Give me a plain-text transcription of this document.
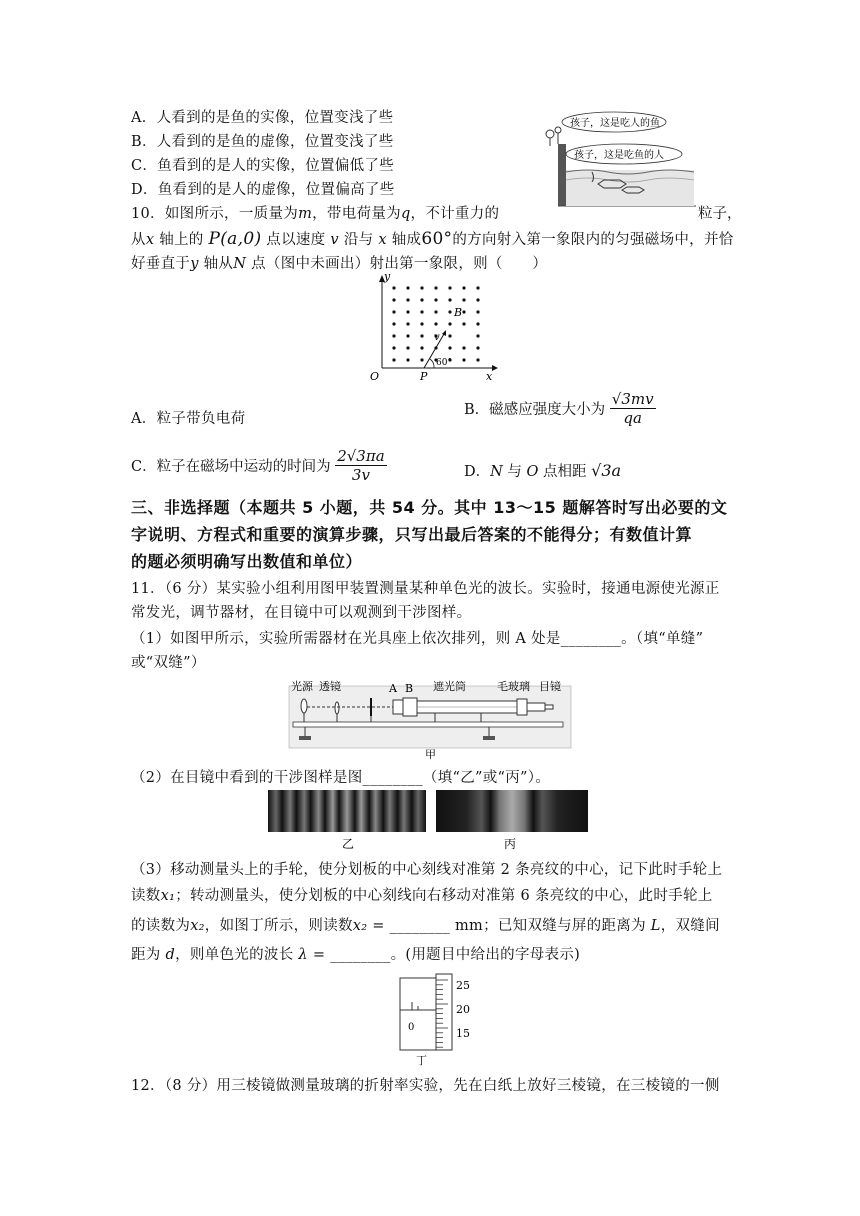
A．人看到的是鱼的实像，位置变浅了些
B．人看到的是鱼的虚像，位置变浅了些
C．鱼看到的是人的实像，位置偏低了些
D．鱼看到的是人的虚像，位置偏高了些
孩子，这是吃人的鱼
孩子，这是吃鱼的人
10．如图所示，一质量为m，带电荷量为q，不计重力的	粒子，
从x 轴上的 P(a,0) 点以速度 v 沿与 x 轴成60°的方向射入第一象限内的匀强磁场中，并恰
好垂直于y 轴从N 点（图中未画出）射出第一象限，则（　　）
y
x
O	P
B
v
60°
A．粒子带负电荷
B．磁感应强度大小为 $\frac{√3mv}{qa}$
C．粒子在磁场中运动的时间为 $\frac{2√3\pi a}{3v}$	D．N 与 O 点相距 √3a
三、非选择题（本题共 5 小题，共 54 分。其中 13～15 题解答时写出必要的文
字说明、方程式和重要的演算步骤，只写出最后答案的不能得分；有数值计算
的题必须明确写出数值和单位）
11．（6 分）某实验小组利用图甲装置测量某种单色光的波长。实验时，接通电源使光源正
常发光，调节器材，在目镜中可以观测到干涉图样。
（1）如图甲所示，实验所需器材在光具座上依次排列，则 A 处是________。（填“单缝”
或“双缝”）
光源 透镜	A B 遮光筒	毛玻璃 目镜
甲
（2）在目镜中看到的干涉图样是图________（填“乙”或“丙”）。
乙	丙
（3）移动测量头上的手轮，使分划板的中心刻线对准第 2 条亮纹的中心，记下此时手轮上
读数x₁；转动测量头，使分划板的中心刻线向右移动对准第 6 条亮纹的中心，此时手轮上
的读数为x₂，如图丁所示，则读数x₂ = ________ mm；已知双缝与屏的距离为 L，双缝间
距为 d，则单色光的波长 λ = ________。(用题目中给出的字母表示)
25
20
15
0
丁
12．（8 分）用三棱镜做测量玻璃的折射率实验，先在白纸上放好三棱镜，在三棱镜的一侧
